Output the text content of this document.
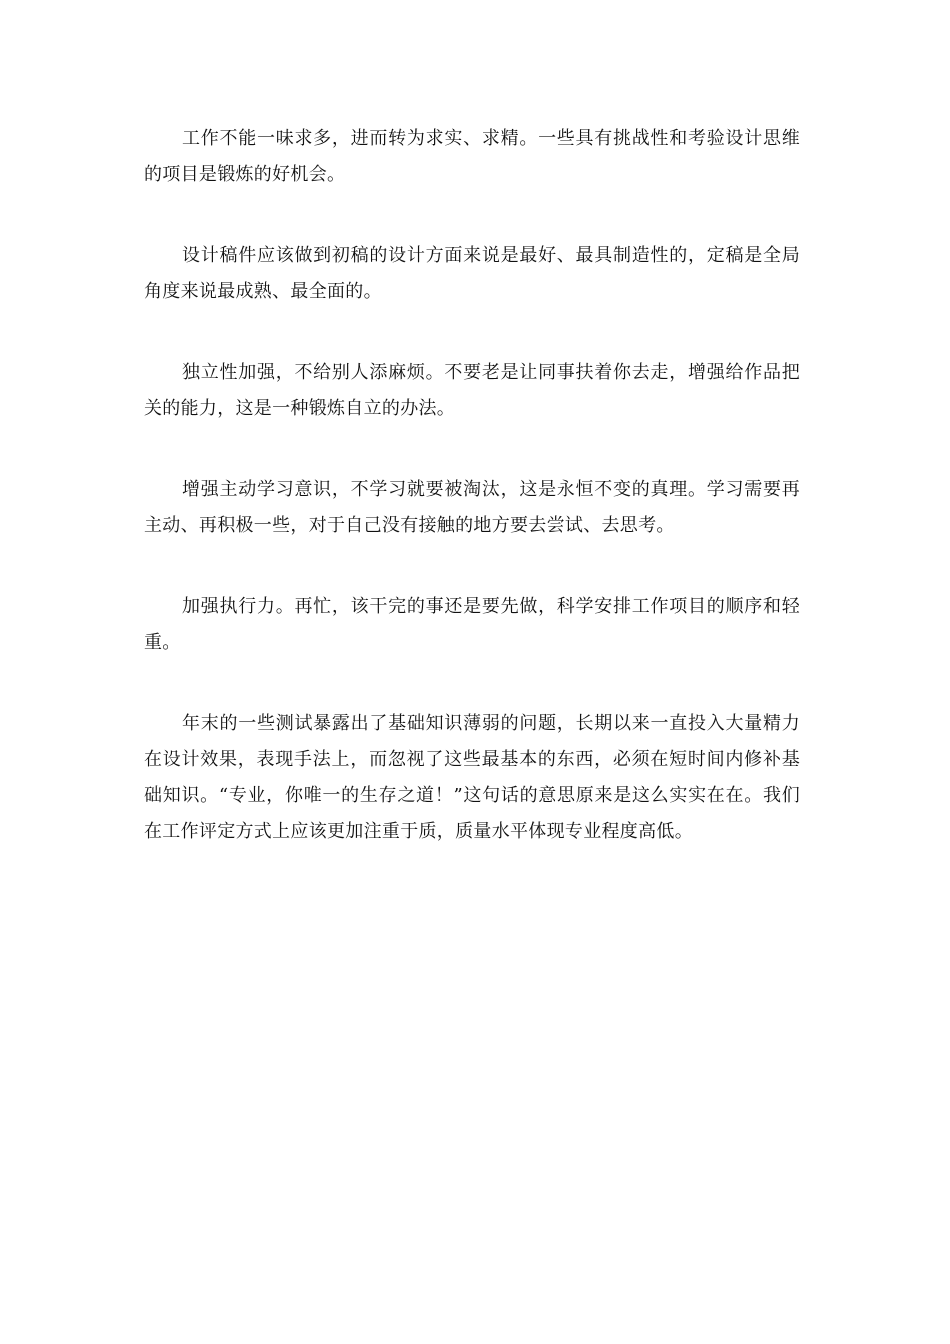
工作不能一味求多，进而转为求实、求精。一些具有挑战性和考验设计思维的项目是锻炼的好机会。

设计稿件应该做到初稿的设计方面来说是最好、最具制造性的，定稿是全局角度来说最成熟、最全面的。

独立性加强，不给别人添麻烦。不要老是让同事扶着你去走，增强给作品把关的能力，这是一种锻炼自立的办法。

增强主动学习意识，不学习就要被淘汰，这是永恒不变的真理。学习需要再主动、再积极一些，对于自己没有接触的地方要去尝试、去思考。

加强执行力。再忙，该干完的事还是要先做，科学安排工作项目的顺序和轻重。

年末的一些测试暴露出了基础知识薄弱的问题，长期以来一直投入大量精力在设计效果，表现手法上，而忽视了这些最基本的东西，必须在短时间内修补基础知识。“专业，你唯一的生存之道！”这句话的意思原来是这么实实在在。我们在工作评定方式上应该更加注重于质，质量水平体现专业程度高低。
